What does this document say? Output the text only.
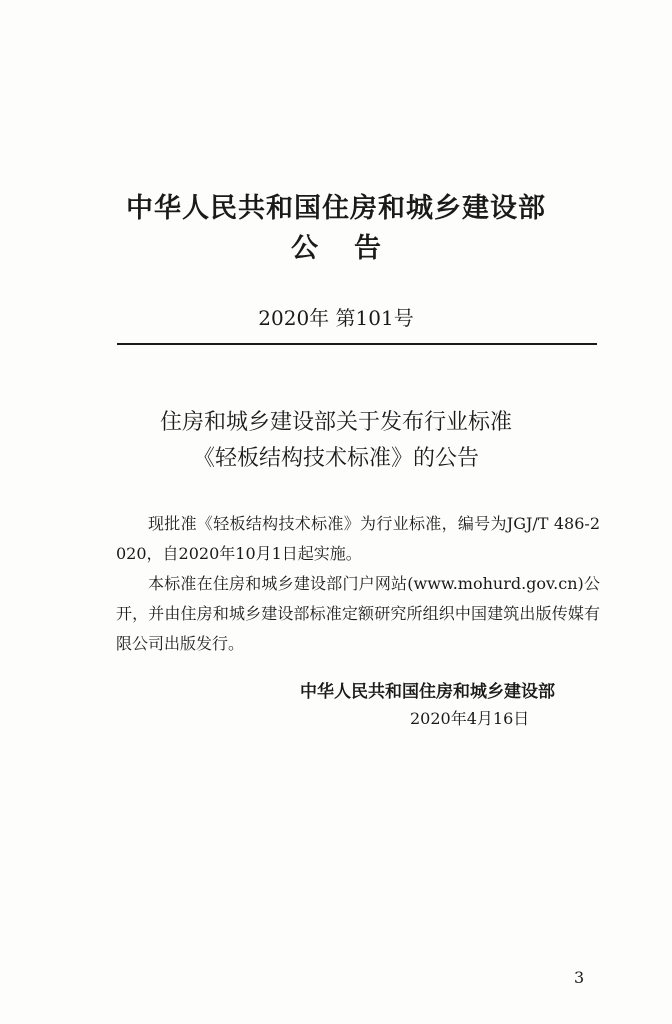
中华人民共和国住房和城乡建设部
公告
2020年 第101号
住房和城乡建设部关于发布行业标准
《轻板结构技术标准》的公告

现批准《轻板结构技术标准》为行业标准，编号为JGJ/T 486-2020，自2020年10月1日起实施。

本标准在住房和城乡建设部门户网站(www.mohurd.gov.cn)公开，并由住房和城乡建设部标准定额研究所组织中国建筑出版传媒有限公司出版发行。

中华人民共和国住房和城乡建设部
2020年4月16日
3
